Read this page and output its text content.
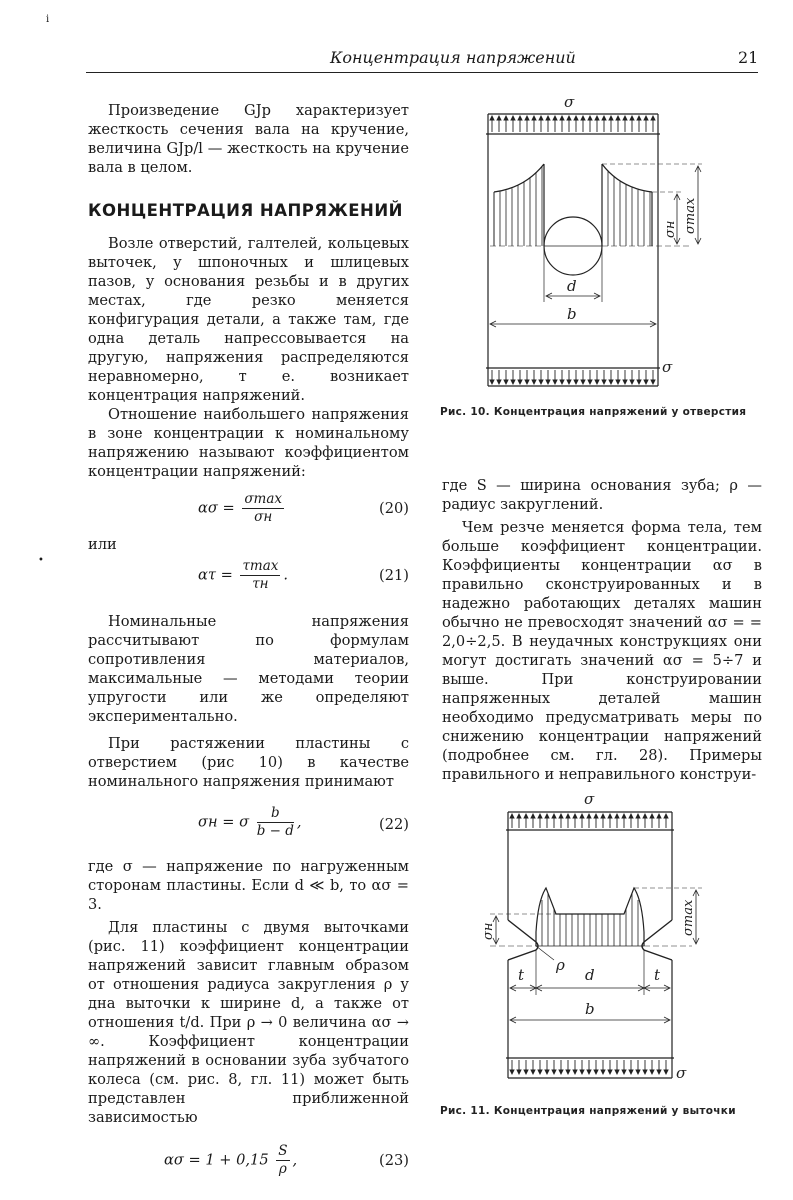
Концентрация напряжений	21
i
•

Произведение GJp характеризует жесткость сечения вала на кручение, величина GJp/l — жесткость на кручение вала в целом.

КОНЦЕНТРАЦИЯ НАПРЯЖЕНИЙ

Возле отверстий, галтелей, кольцевых выточек, у шпоночных и шлицевых пазов, у основания резьбы и в других местах, где резко меняется конфигурация детали, а также там, где одна деталь напрессовывается на другую, напряжения распределяются неравномерно, т е. возникает концентрация напряжений.

Отношение наибольшего напряжения в зоне концентрации к номинальному напряжению называют коэффициентом концентрации напряжений:

$\alpha\sigma = \frac{\sigma\max}{\sigma н}$	(20)

или

$\alpha\tau = \frac{\tau\max}{\tau н}$ .	(21)

Номинальные напряжения рассчитывают по формулам сопротивления материалов, максимальные — методами теории упругости или же определяют экспериментально.

При растяжении пластины с отверстием (рис 10) в качестве номинального напряжения принимают

σн = σ $\frac{b}{b - d}$ ,	(22)

где σ — напряжение по нагруженным сторонам пластины. Если d ≪ b, то ασ = 3.

Для пластины с двумя выточками (рис. 11) коэффициент концентрации напряжений зависит главным образом от отношения радиуса закругления ρ у дна выточки к ширине d, а также от отношения t/d. При ρ → 0 величина ασ → ∞. Коэффициент концентрации напряжений в основании зуба зубчатого колеса (см. рис. 8, гл. 11) может быть представлен приближенной зависимостью

$\alpha\sigma = 1 + 0,15 \frac{S}{\rho}$ ,	(23)
σ
σ
d
b
σн σmax
Рис. 10. Концентрация напряжений у отверстия

где S — ширина основания зуба; ρ — радиус закруглений.

Чем резче меняется форма тела, тем больше коэффициент концентрации. Коэффициенты концентрации ασ в правильно сконструированных и в надежно работающих деталях машин обычно не превосходят значений ασ = = 2,0÷2,5. В неудачных конструкциях они могут достигать значений ασ = 5÷7 и выше. При конструировании напряженных деталей машин необходимо предусматривать меры по снижению концентрации напряжений (подробнее см. гл. 28). Примеры правильного и неправильного конструи-

σ
σ
ρ
t	d	t
b
σн	σmax
Рис. 11. Концентрация напряжений у выточки
